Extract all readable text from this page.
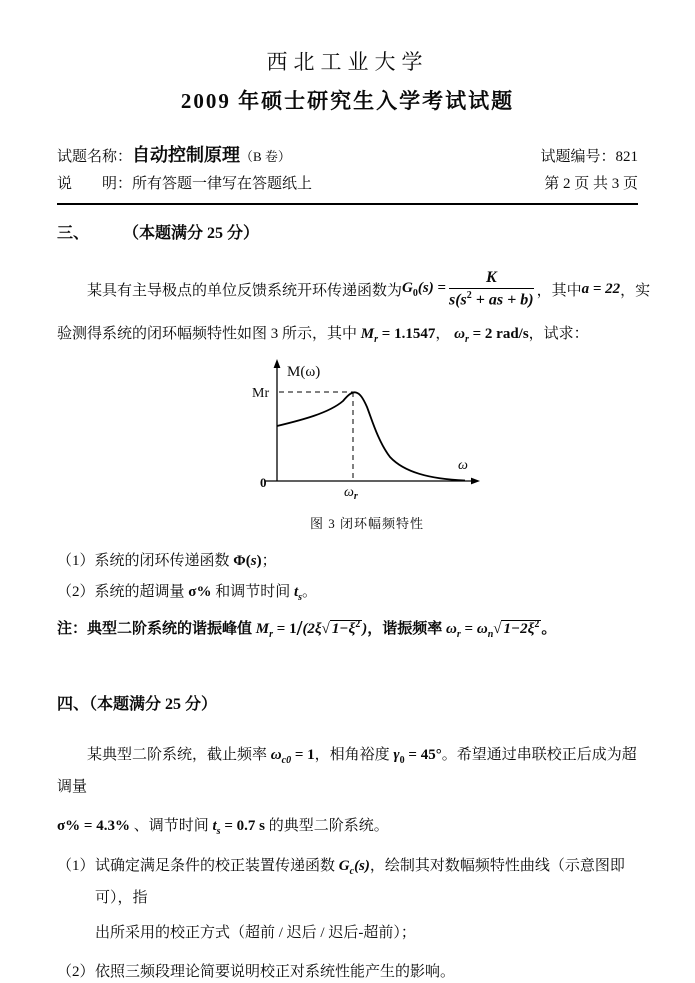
西北工业大学
2009 年硕士研究生入学考试试题
试题名称：自动控制原理（B 卷）	试题编号：821
说　　明：所有答题一律写在答题纸上	第 2 页 共 3 页
三、	（本题满分 25 分）
某具有主导极点的单位反馈系统开环传递函数为 $G_0(s) = \frac{K}{s(s^2 + as + b)}$ ，其中 a = 22 ，实
验测得系统的闭环幅频特性如图 3 所示，其中 $M_r = 1.1547$， $\omega_r = 2$ rad/s，试求：
M(ω)
Mr
0
ω
$\omega_r$
图 3 闭环幅频特性
（1）系统的闭环传递函数 Φ(s)；
（2）系统的超调量 σ% 和调节时间 $t_s$。
注：典型二阶系统的谐振峰值 $M_r = 1/(2\xi√$ $1-\xi^2$ )，谐振频率 $\omega_r = \omega_n√$ $1-2\xi^2$ 。
四、（本题满分 25 分）
某典型二阶系统，截止频率 $\omega_{c0} = 1$，相角裕度 $\gamma_0 = 45^\circ$。希望通过串联校正后成为超调量
σ% = 4.3% 、调节时间 $t_s = 0.7$ s 的典型二阶系统。
（1） 试确定满足条件的校正装置传递函数 $G_c(s)$，绘制其对数幅频特性曲线（示意图即可），指
出所采用的校正方式（超前 / 迟后 / 迟后-超前）；
（2） 依照三频段理论简要说明校正对系统性能产生的影响。
